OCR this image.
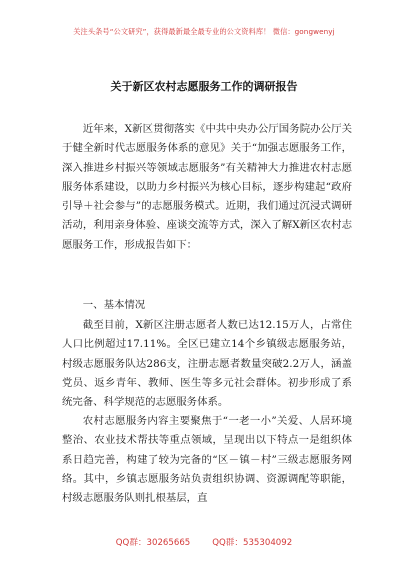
关注头条号“公文研究”，获得最新最全最专业的公文资料库！ 微信：gongwenyj
关于新区农村志愿服务工作的调研报告

近年来，X新区贯彻落实《中共中央办公厅国务院办公厅关于健全新时代志愿服务体系的意见》关于“加强志愿服务工作，深入推进乡村振兴等领域志愿服务”有关精神大力推进农村志愿服务体系建设，以助力乡村振兴为核心目标，逐步构建起“政府引导＋社会参与”的志愿服务模式。近期，我们通过沉浸式调研活动，利用亲身体验、座谈交流等方式，深入了解X新区农村志愿服务工作，形成报告如下：

一、基本情况

截至目前，X新区注册志愿者人数已达12.15万人，占常住人口比例超过17.11%。全区已建立14个乡镇级志愿服务站，村级志愿服务队达286支，注册志愿者数量突破2.2万人，涵盖党员、返乡青年、教师、医生等多元社会群体。初步形成了系统完备、科学规范的志愿服务体系。

农村志愿服务内容主要聚焦于“一老一小”关爱、人居环境整治、农业技术帮扶等重点领域，呈现出以下特点一是组织体系日趋完善，构建了较为完备的“区－镇－村”三级志愿服务网络。其中，乡镇志愿服务站负责组织协调、资源调配等职能，村级志愿服务队则扎根基层，直

QQ群：30265665	QQ群：535304092
